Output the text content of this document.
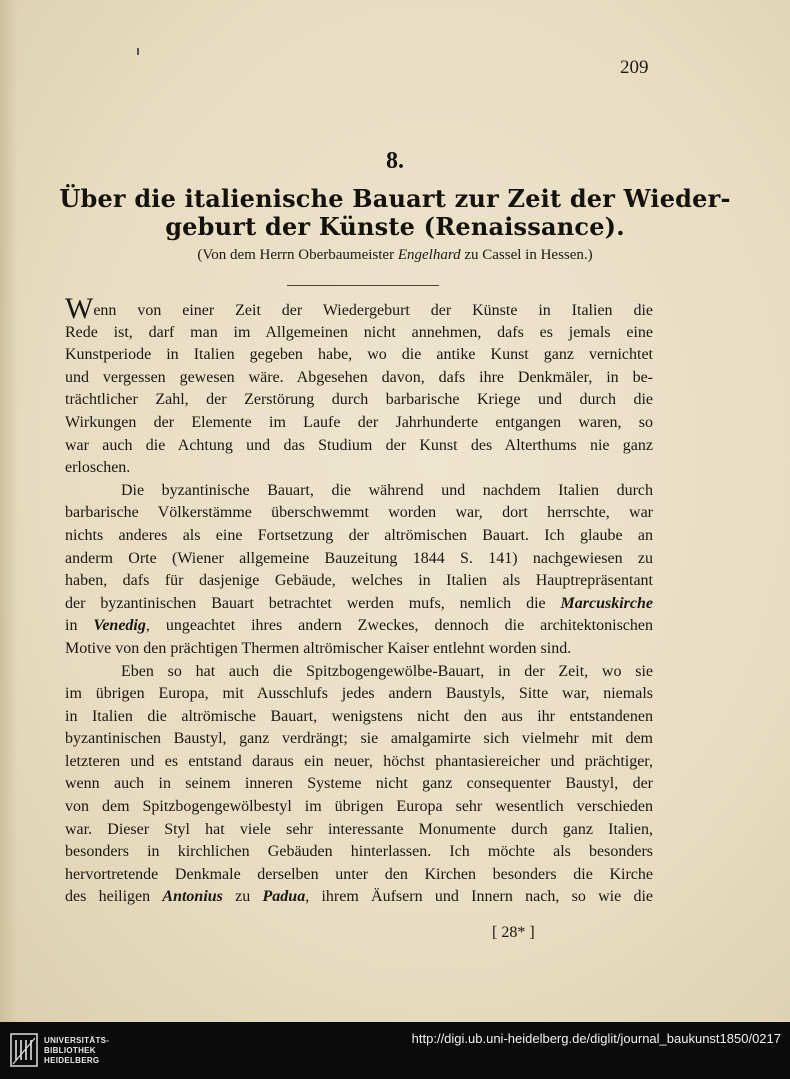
209
8.
Über die italienische Bauart zur Zeit der Wieder-
geburt der Künste (Renaissance).
(Von dem Herrn Oberbaumeister Engelhard zu Cassel in Hessen.)
Wenn von einer Zeit der Wiedergeburt der Künste in Italien die
Rede ist, darf man im Allgemeinen nicht annehmen, dafs es jemals eine
Kunstperiode in Italien gegeben habe, wo die antike Kunst ganz vernichtet
und vergessen gewesen wäre. Abgesehen davon, dafs ihre Denkmäler, in be-
trächtlicher Zahl, der Zerstörung durch barbarische Kriege und durch die
Wirkungen der Elemente im Laufe der Jahrhunderte entgangen waren, so
war auch die Achtung und das Studium der Kunst des Alterthums nie ganz
erloschen.
Die byzantinische Bauart, die während und nachdem Italien durch
barbarische Völkerstämme überschwemmt worden war, dort herrschte, war
nichts anderes als eine Fortsetzung der altrömischen Bauart. Ich glaube an
anderm Orte (Wiener allgemeine Bauzeitung 1844 S. 141) nachgewiesen zu
haben, dafs für dasjenige Gebäude, welches in Italien als Hauptrepräsentant
der byzantinischen Bauart betrachtet werden mufs, nemlich die Marcuskirche
in Venedig, ungeachtet ihres andern Zweckes, dennoch die architektonischen
Motive von den prächtigen Thermen altrömischer Kaiser entlehnt worden sind.
Eben so hat auch die Spitzbogengewölbe-Bauart, in der Zeit, wo sie
im übrigen Europa, mit Ausschlufs jedes andern Baustyls, Sitte war, niemals
in Italien die altrömische Bauart, wenigstens nicht den aus ihr entstandenen
byzantinischen Baustyl, ganz verdrängt; sie amalgamirte sich vielmehr mit dem
letzteren und es entstand daraus ein neuer, höchst phantasiereicher und prächtiger,
wenn auch in seinem inneren Systeme nicht ganz consequenter Baustyl, der
von dem Spitzbogengewölbestyl im übrigen Europa sehr wesentlich verschieden
war. Dieser Styl hat viele sehr interessante Monumente durch ganz Italien,
besonders in kirchlichen Gebäuden hinterlassen. Ich möchte als besonders
hervortretende Denkmale derselben unter den Kirchen besonders die Kirche
des heiligen Antonius zu Padua, ihrem Äufsern und Innern nach, so wie die
[ 28* ]
UNIVERSITÄTS-
BIBLIOTHEK
HEIDELBERG
http://digi.ub.uni-heidelberg.de/diglit/journal_baukunst1850/0217
